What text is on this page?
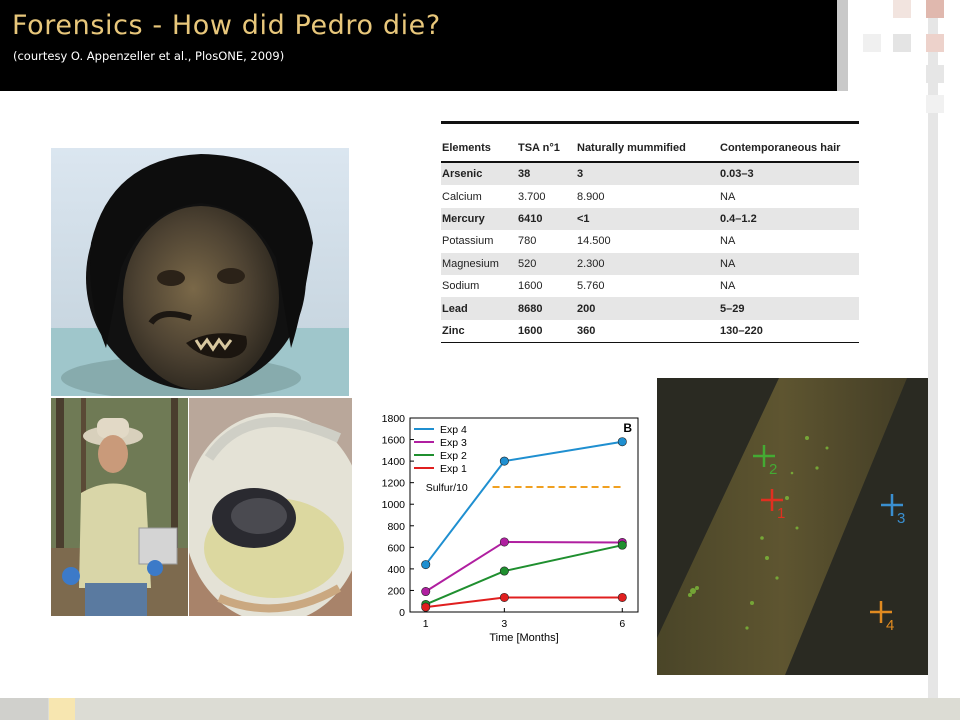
Forensics - How did Pedro die?
(courtesy O. Appenzeller et al., PlosONE, 2009)
Elements	TSA n°1	Naturally mummified	Contemporaneous hair
Arsenic	38	3	0.03–3
Calcium	3.700	8.900	NA
Mercury	6410	<1	0.4–1.2
Potassium	780	14.500	NA
Magnesium	520	2.300	NA
Sodium	1600	5.760	NA
Lead	8680	200	5–29
Zinc	1600	360	130–220
0
200
400
600
800
1000
1200
1400
1600
1800
1	3	6
Time [Months]
B
Sulfur/10
Exp 4
Exp 3
Exp 2
Exp 1
1
2
3
4
